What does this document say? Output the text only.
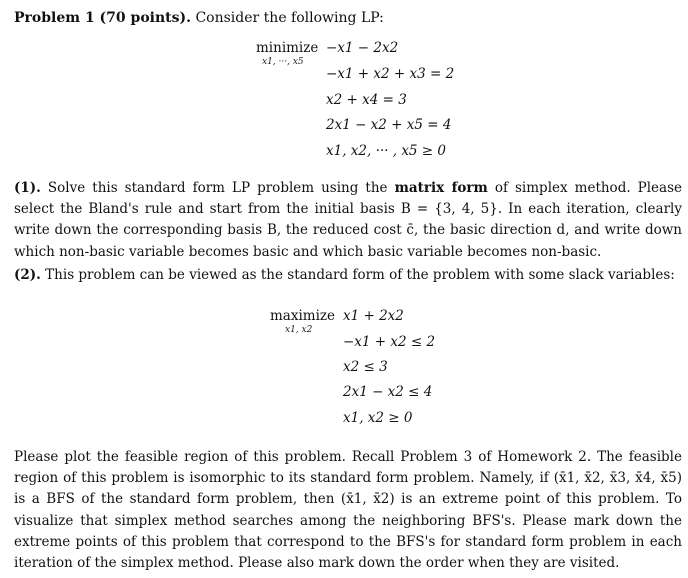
Problem 1 (70 points). Consider the following LP:
minimize
x1, ···, x5
−x1 − 2x2
−x1 + x2 + x3 = 2
x2 + x4 = 3
2x1 − x2 + x5 = 4
x1, x2, ··· , x5 ≥ 0
(1). Solve this standard form LP problem using the matrix form of simplex method. Please select the Bland's rule and start from the initial basis B = {3, 4, 5}. In each iteration, clearly write down the corresponding basis B, the reduced cost c̄, the basic direction d, and write down which non-basic variable becomes basic and which basic variable becomes non-basic.
(2). This problem can be viewed as the standard form of the problem with some slack variables:
maximize
x1, x2
x1 + 2x2
−x1 + x2 ≤ 2
x2 ≤ 3
2x1 − x2 ≤ 4
x1, x2 ≥ 0
Please plot the feasible region of this problem. Recall Problem 3 of Homework 2. The feasible region of this problem is isomorphic to its standard form problem. Namely, if (x̄1, x̄2, x̄3, x̄4, x̄5) is a BFS of the standard form problem, then (x̄1, x̄2) is an extreme point of this problem. To visualize that simplex method searches among the neighboring BFS's. Please mark down the extreme points of this problem that correspond to the BFS's for standard form problem in each iteration of the simplex method. Please also mark down the order when they are visited.
